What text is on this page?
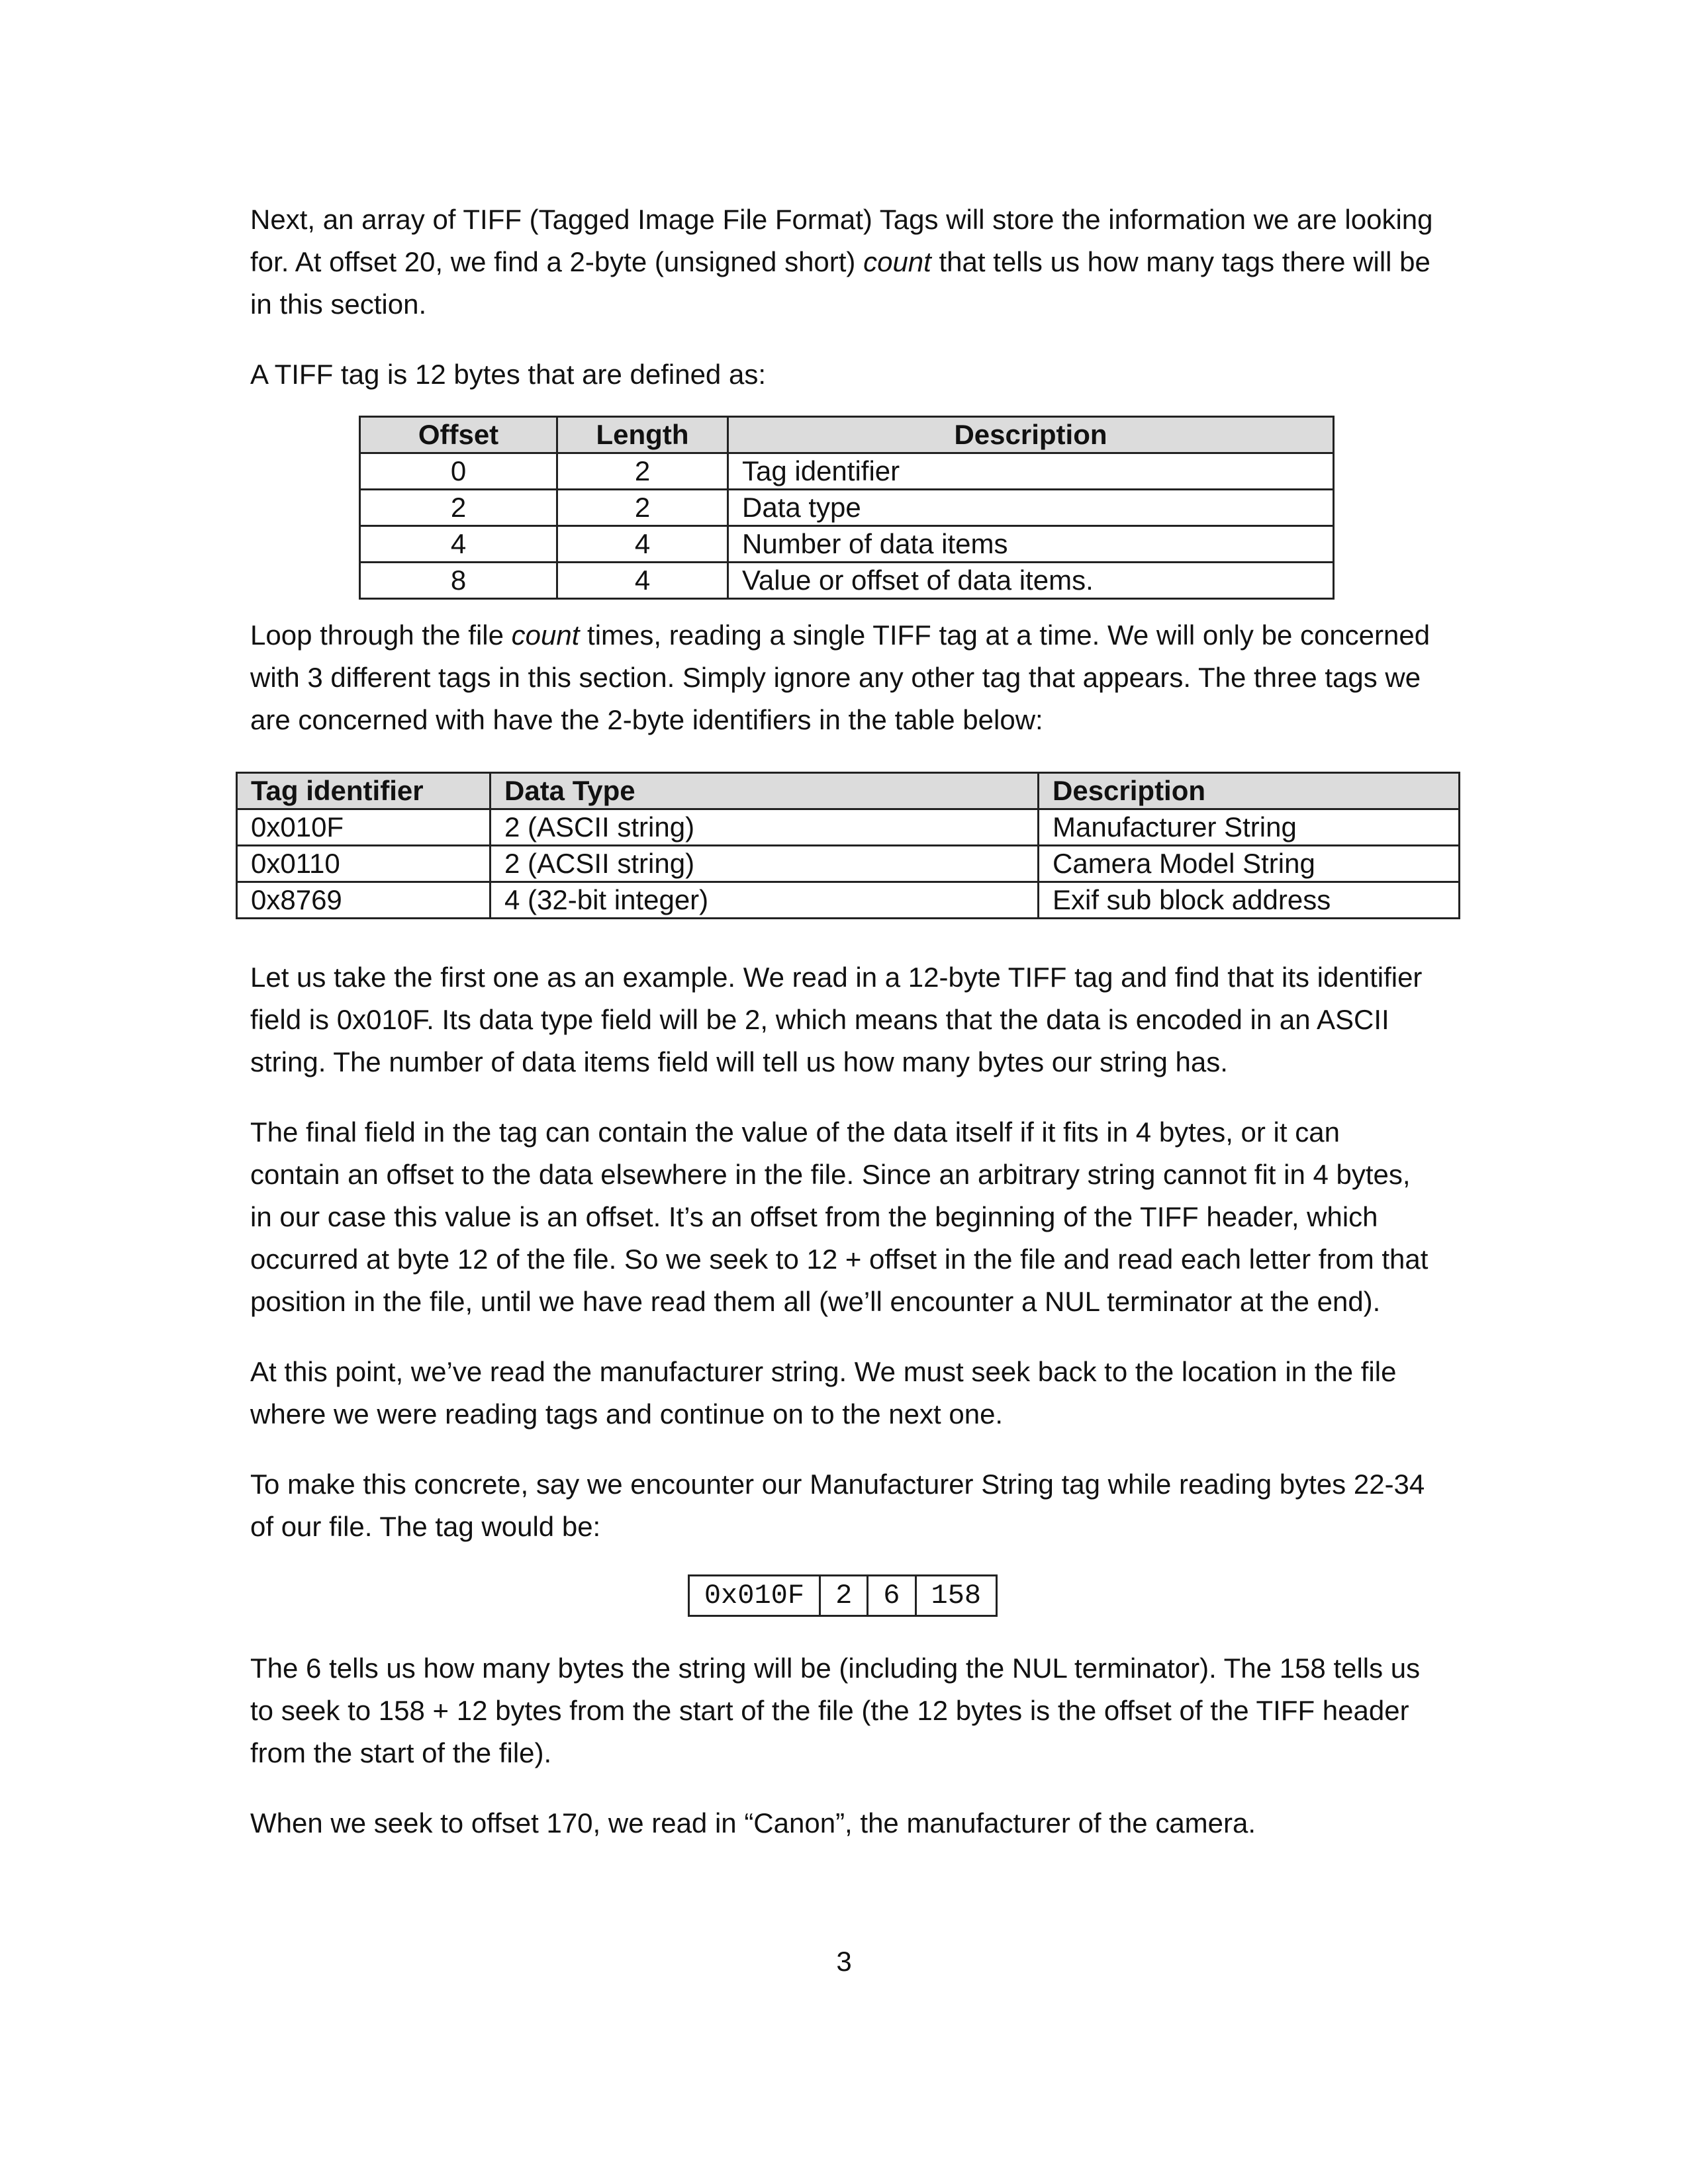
Next, an array of TIFF (Tagged Image File Format) Tags will store the information we are looking for. At offset 20, we find a 2-byte (unsigned short) count that tells us how many tags there will be in this section.

A TIFF tag is 12 bytes that are defined as:

Offset	Length	Description
0	2	Tag identifier
2	2	Data type
4	4	Number of data items
8	4	Value or offset of data items.

Loop through the file count times, reading a single TIFF tag at a time. We will only be concerned with 3 different tags in this section. Simply ignore any other tag that appears. The three tags we are concerned with have the 2-byte identifiers in the table below:

Tag identifier	Data Type	Description
0x010F	2 (ASCII string)	Manufacturer String
0x0110	2 (ACSII string)	Camera Model String
0x8769	4 (32-bit integer)	Exif sub block address

Let us take the first one as an example. We read in a 12-byte TIFF tag and find that its identifier field is 0x010F. Its data type field will be 2, which means that the data is encoded in an ASCII string. The number of data items field will tell us how many bytes our string has.

The final field in the tag can contain the value of the data itself if it fits in 4 bytes, or it can contain an offset to the data elsewhere in the file. Since an arbitrary string cannot fit in 4 bytes, in our case this value is an offset. It’s an offset from the beginning of the TIFF header, which occurred at byte 12 of the file. So we seek to 12 + offset in the file and read each letter from that position in the file, until we have read them all (we’ll encounter a NUL terminator at the end).

At this point, we’ve read the manufacturer string. We must seek back to the location in the file where we were reading tags and continue on to the next one.

To make this concrete, say we encounter our Manufacturer String tag while reading bytes 22-34 of our file. The tag would be:

0x010F	2	6	158

The 6 tells us how many bytes the string will be (including the NUL terminator). The 158 tells us to seek to 158 + 12 bytes from the start of the file (the 12 bytes is the offset of the TIFF header from the start of the file).

When we seek to offset 170, we read in “Canon”, the manufacturer of the camera.

3
